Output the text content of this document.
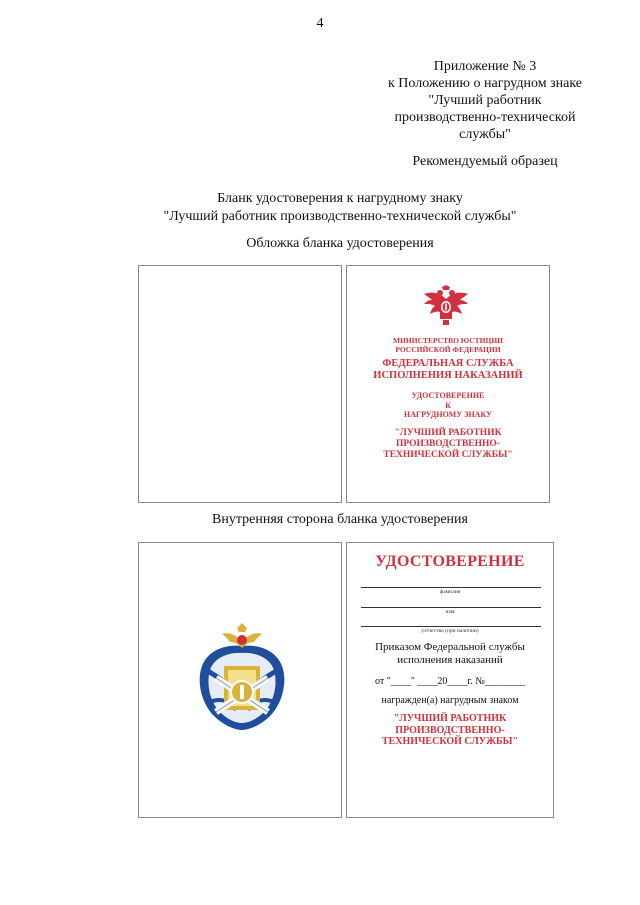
4
Приложение № 3
к Положению о нагрудном знаке
"Лучший работник
производственно-технической
службы"
Рекомендуемый образец
Бланк удостоверения к нагрудному знаку
"Лучший работник производственно-технической службы"
Обложка бланка удостоверения
МИНИСТЕРСТВО ЮСТИЦИИ
РОССИЙСКОЙ ФЕДЕРАЦИИ
ФЕДЕРАЛЬНАЯ СЛУЖБА
ИСПОЛНЕНИЯ НАКАЗАНИЙ
УДОСТОВЕРЕНИЕ
К
НАГРУДНОМУ ЗНАКУ
"ЛУЧШИЙ РАБОТНИК
ПРОИЗВОДСТВЕННО-
ТЕХНИЧЕСКОЙ СЛУЖБЫ"
Внутренняя сторона бланка удостоверения
УДОСТОВЕРЕНИЕ
фамилия
имя
(отчество (при наличии)
Приказом Федеральной службы
исполнения наказаний
от "____" ____20____г. №________
награжден(а) нагрудным знаком
"ЛУЧШИЙ РАБОТНИК
ПРОИЗВОДСТВЕННО-
ТЕХНИЧЕСКОЙ СЛУЖБЫ"
